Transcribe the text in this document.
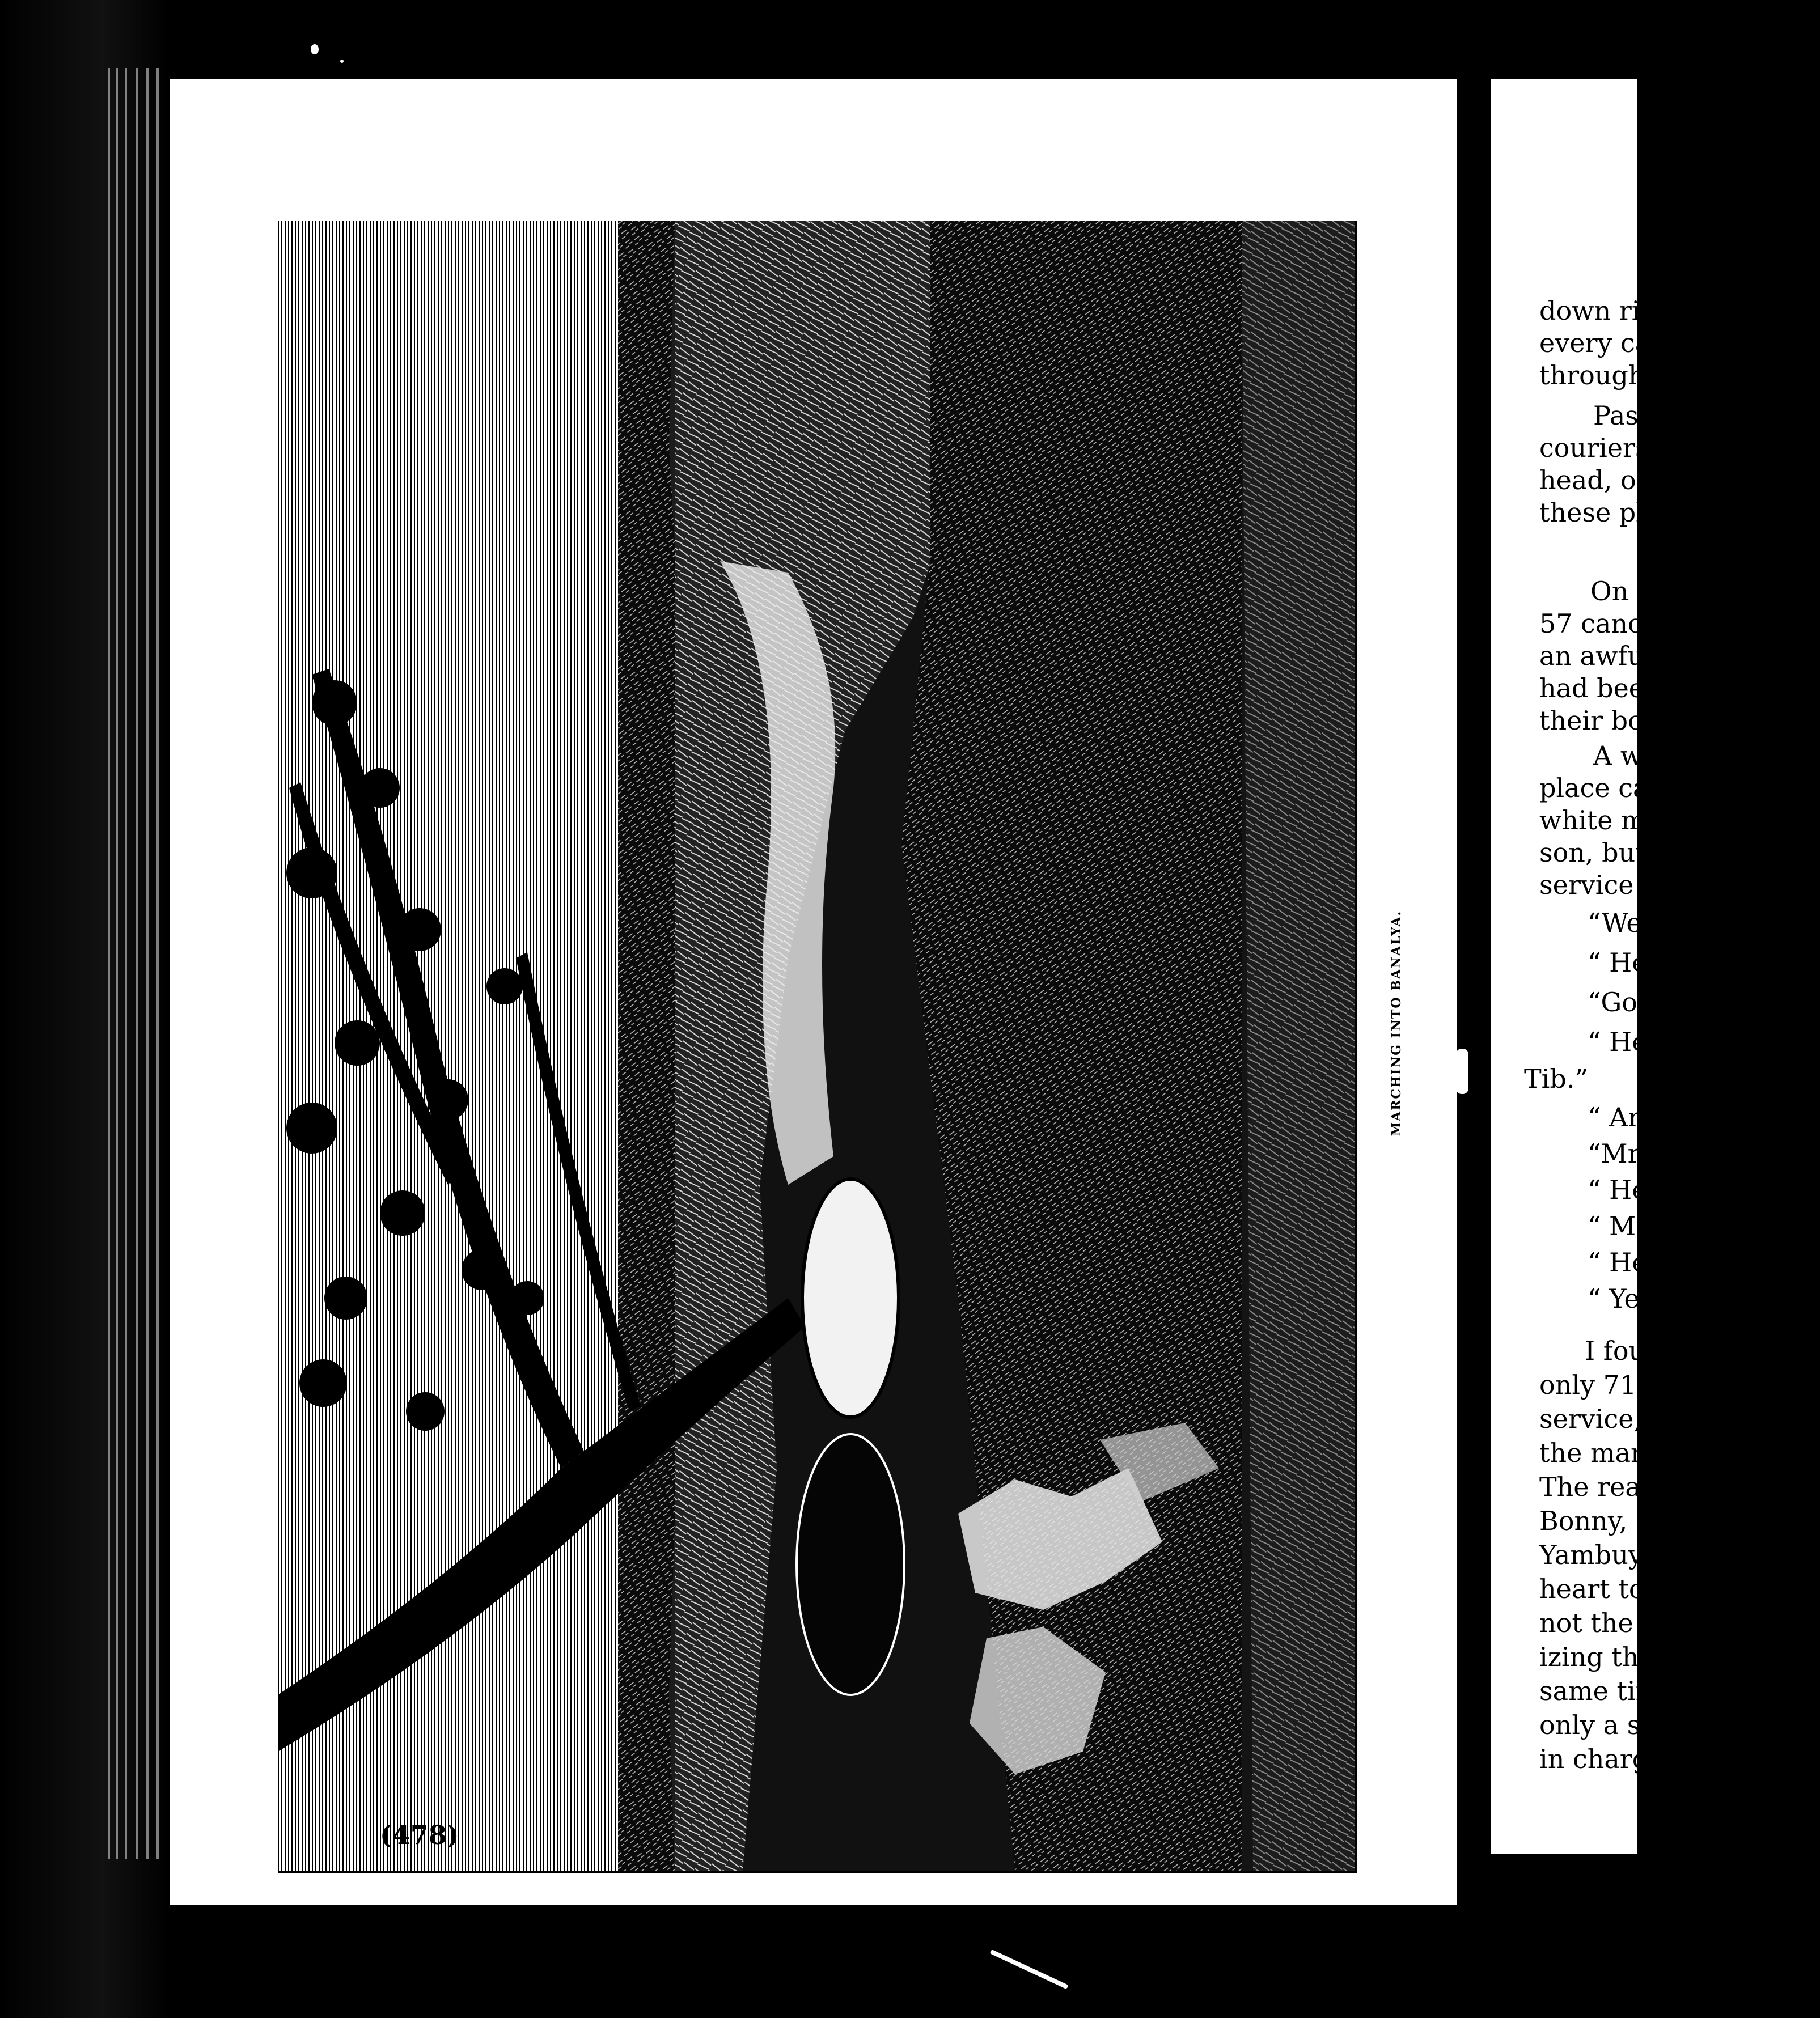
MARCHING INTO BANALYA.
(478)
down ri
every ca
through
Pas
couriers
head, or
these pl
On
57 canoe
an awful
had been
their bod
A w
place cal
white ma
son, but
service o
“We
“ He
“Go
“ He
Tib.”
“ An
“Mr.
“ He
“ Mr
“ Hea
“ Yes
I fou
only 71
service, a
the march
The rear
Bonny, du
Yambuya,
heart to g
not the ti
izing the e
same time
only a sho
in charge
